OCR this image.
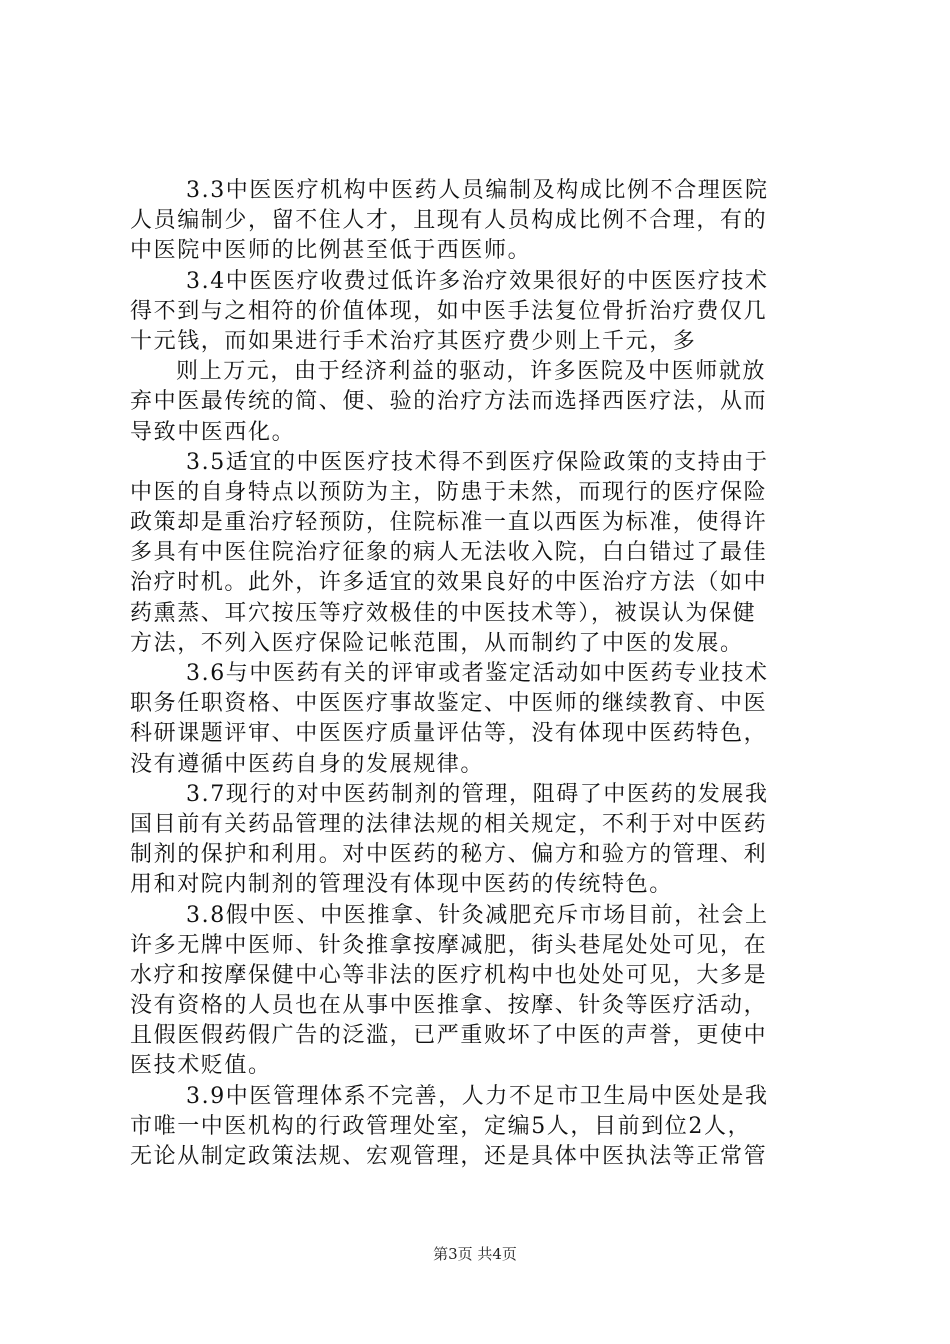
3.3中医医疗机构中医药人员编制及构成比例不合理医院
人员编制少，留不住人才，且现有人员构成比例不合理，有的
中医院中医师的比例甚至低于西医师。
3.4中医医疗收费过低许多治疗效果很好的中医医疗技术
得不到与之相符的价值体现，如中医手法复位骨折治疗费仅几
十元钱，而如果进行手术治疗其医疗费少则上千元，多
则上万元，由于经济利益的驱动，许多医院及中医师就放
弃中医最传统的简、便、验的治疗方法而选择西医疗法，从而
导致中医西化。
3.5适宜的中医医疗技术得不到医疗保险政策的支持由于
中医的自身特点以预防为主，防患于未然，而现行的医疗保险
政策却是重治疗轻预防，住院标准一直以西医为标准，使得许
多具有中医住院治疗征象的病人无法收入院，白白错过了最佳
治疗时机。此外，许多适宜的效果良好的中医治疗方法（如中
药熏蒸、耳穴按压等疗效极佳的中医技术等），被误认为保健
方法，不列入医疗保险记帐范围，从而制约了中医的发展。
3.6与中医药有关的评审或者鉴定活动如中医药专业技术
职务任职资格、中医医疗事故鉴定、中医师的继续教育、中医
科研课题评审、中医医疗质量评估等，没有体现中医药特色，
没有遵循中医药自身的发展规律。
3.7现行的对中医药制剂的管理，阻碍了中医药的发展我
国目前有关药品管理的法律法规的相关规定，不利于对中医药
制剂的保护和利用。对中医药的秘方、偏方和验方的管理、利
用和对院内制剂的管理没有体现中医药的传统特色。
3.8假中医、中医推拿、针灸减肥充斥市场目前，社会上
许多无牌中医师、针灸推拿按摩减肥，街头巷尾处处可见，在
水疗和按摩保健中心等非法的医疗机构中也处处可见，大多是
没有资格的人员也在从事中医推拿、按摩、针灸等医疗活动，
且假医假药假广告的泛滥，已严重败坏了中医的声誉，更使中
医技术贬值。
3.9中医管理体系不完善，人力不足市卫生局中医处是我
市唯一中医机构的行政管理处室，定编5人，目前到位2人，
无论从制定政策法规、宏观管理，还是具体中医执法等正常管
第3页 共4页
